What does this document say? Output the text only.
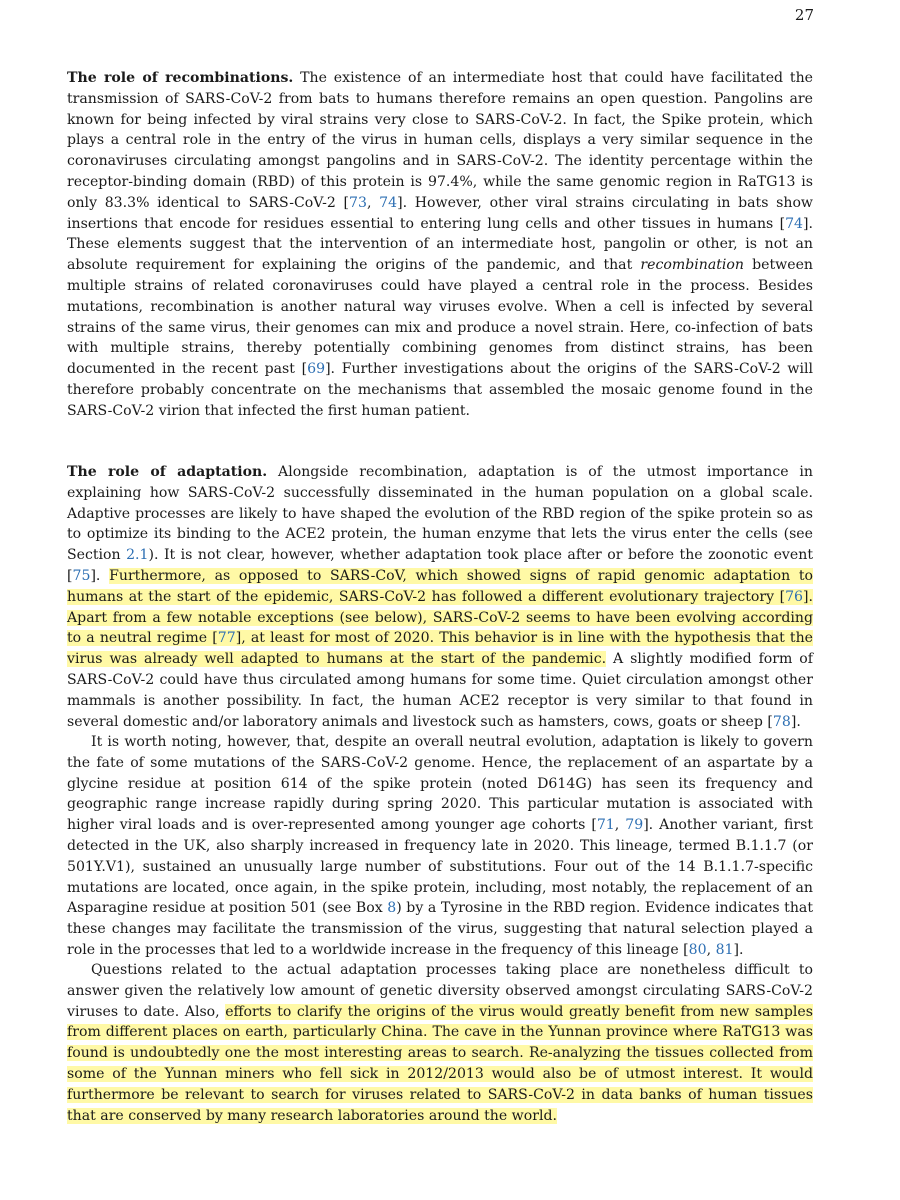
27

The role of recombinations. The existence of an intermediate host that could have facilitated the transmission of SARS-CoV-2 from bats to humans therefore remains an open question. Pangolins are known for being infected by viral strains very close to SARS-CoV-2. In fact, the Spike protein, which plays a central role in the entry of the virus in human cells, displays a very similar sequence in the coronaviruses circulating amongst pangolins and in SARS-CoV-2. The identity percentage within the receptor-binding domain (RBD) of this protein is 97.4%, while the same genomic region in RaTG13 is only 83.3% identical to SARS-CoV-2 [73, 74]. However, other viral strains circulating in bats show insertions that encode for residues essential to entering lung cells and other tissues in humans [74]. These elements suggest that the intervention of an intermediate host, pangolin or other, is not an absolute requirement for explaining the origins of the pandemic, and that recombination between multiple strains of related coronaviruses could have played a central role in the process. Besides mutations, recombination is another natural way viruses evolve. When a cell is infected by several strains of the same virus, their genomes can mix and produce a novel strain. Here, co-infection of bats with multiple strains, thereby potentially combining genomes from distinct strains, has been documented in the recent past [69]. Further investigations about the origins of the SARS-CoV-2 will therefore probably concentrate on the mechanisms that assembled the mosaic genome found in the SARS-CoV-2 virion that infected the first human patient.

The role of adaptation. Alongside recombination, adaptation is of the utmost importance in explaining how SARS-CoV-2 successfully disseminated in the human population on a global scale. Adaptive processes are likely to have shaped the evolution of the RBD region of the spike protein so as to optimize its binding to the ACE2 protein, the human enzyme that lets the virus enter the cells (see Section 2.1). It is not clear, however, whether adaptation took place after or before the zoonotic event [75]. Furthermore, as opposed to SARS-CoV, which showed signs of rapid genomic adaptation to humans at the start of the epidemic, SARS-CoV-2 has followed a different evolutionary trajectory [76]. Apart from a few notable exceptions (see below), SARS-CoV-2 seems to have been evolving according to a neutral regime [77], at least for most of 2020. This behavior is in line with the hypothesis that the virus was already well adapted to humans at the start of the pandemic. A slightly modified form of SARS-CoV-2 could have thus circulated among humans for some time. Quiet circulation amongst other mammals is another possibility. In fact, the human ACE2 receptor is very similar to that found in several domestic and/or laboratory animals and livestock such as hamsters, cows, goats or sheep [78].

It is worth noting, however, that, despite an overall neutral evolution, adaptation is likely to govern the fate of some mutations of the SARS-CoV-2 genome. Hence, the replacement of an aspartate by a glycine residue at position 614 of the spike protein (noted D614G) has seen its frequency and geographic range increase rapidly during spring 2020. This particular mutation is associated with higher viral loads and is over-represented among younger age cohorts [71, 79]. Another variant, first detected in the UK, also sharply increased in frequency late in 2020. This lineage, termed B.1.1.7 (or 501Y.V1), sustained an unusually large number of substitutions. Four out of the 14 B.1.1.7-specific mutations are located, once again, in the spike protein, including, most notably, the replacement of an Asparagine residue at position 501 (see Box 8) by a Tyrosine in the RBD region. Evidence indicates that these changes may facilitate the transmission of the virus, suggesting that natural selection played a role in the processes that led to a worldwide increase in the frequency of this lineage [80, 81].

Questions related to the actual adaptation processes taking place are nonetheless difficult to answer given the relatively low amount of genetic diversity observed amongst circulating SARS-CoV-2 viruses to date. Also, efforts to clarify the origins of the virus would greatly benefit from new samples from different places on earth, particularly China. The cave in the Yunnan province where RaTG13 was found is undoubtedly one the most interesting areas to search. Re-analyzing the tissues collected from some of the Yunnan miners who fell sick in 2012/2013 would also be of utmost interest. It would furthermore be relevant to search for viruses related to SARS-CoV-2 in data banks of human tissues that are conserved by many research laboratories around the world.
